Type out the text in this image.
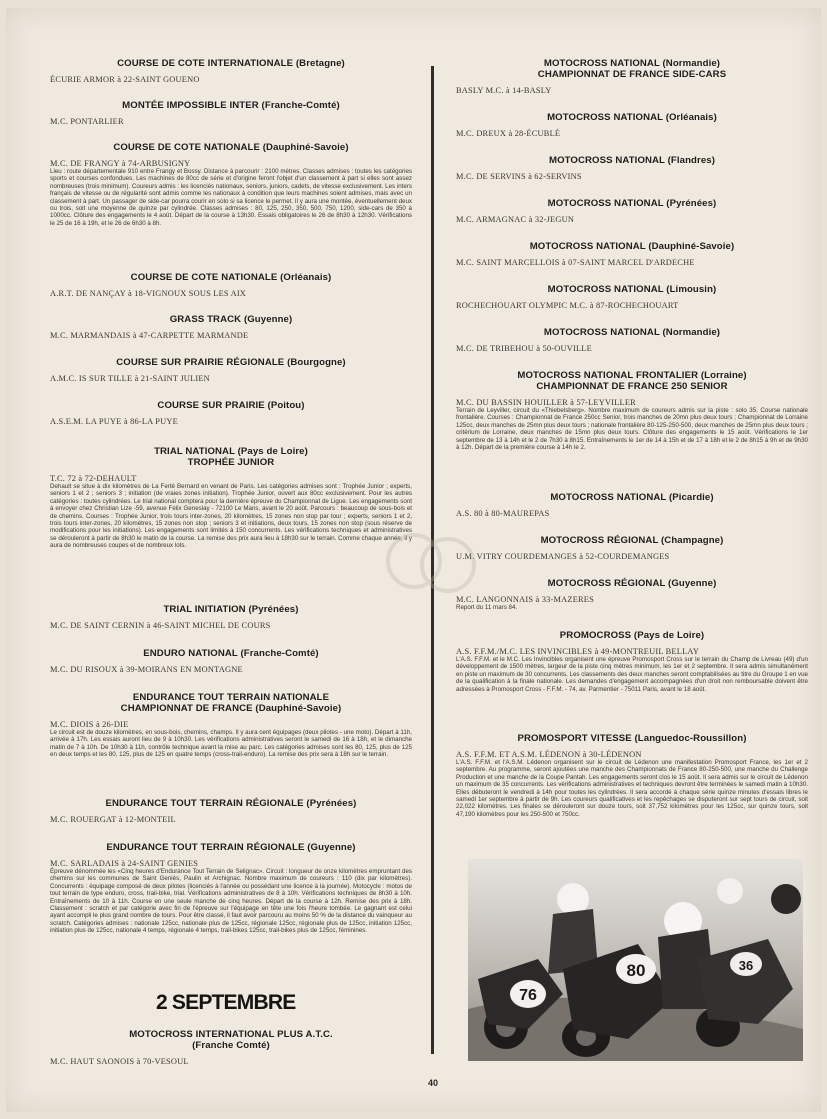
COURSE DE COTE INTERNATIONALE (Bretagne)
ÉCURIE ARMOR à 22-SAINT GOUENO
MONTÉE IMPOSSIBLE INTER (Franche-Comté)
M.C. PONTARLIER
COURSE DE COTE NATIONALE (Dauphiné-Savoie)
M.C. DE FRANGY à 74-ARBUSIGNY
Lieu : route départementale 910 entre Frangy et Bossy. Distance à parcourir : 2100 mètres. Classes admises : toutes les catégories sports et courses confondues. Les machines de 80cc de série et d'origine feront l'objet d'un classement à part si elles sont assez nombreuses (trois minimum). Coureurs admis : les licenciés nationaux, seniors, juniors, cadets, de vitesse exclusivement. Les inters français de vitesse ou de régularité sont admis comme les nationaux à condition que leurs machines soient admises, mais avec un classement à part. Un passager de side-car pourra courir en solo si sa licence le permet. Il y aura une montée, éventuellement deux ou trois, soit une moyenne de quinze par cylindrée. Classes admises : 80, 125, 250, 350, 500, 750, 1200, side-cars de 350 à 1000cc. Clôture des engagements le 4 août. Départ de la course à 13h30. Essais obligatoires le 26 de 8h30 à 12h30. Vérifications le 25 de 16 à 19h, et le 26 de 6h30 à 8h.
COURSE DE COTE NATIONALE (Orléanais)
A.R.T. DE NANÇAY à 18-VIGNOUX SOUS LES AIX
GRASS TRACK (Guyenne)
M.C. MARMANDAIS à 47-CARPETTE MARMANDE
COURSE SUR PRAIRIE RÉGIONALE (Bourgogne)
A.M.C. IS SUR TILLE à 21-SAINT JULIEN
COURSE SUR PRAIRIE (Poitou)
A.S.E.M. LA PUYE à 86-LA PUYE
TRIAL NATIONAL (Pays de Loire)
TROPHÉE JUNIOR
T.C. 72 à 72-DEHAULT
Dehault se situe à dix kilomètres de La Ferté Bernard en venant de Paris. Les catégories admises sont : Trophée Junior ; experts, seniors 1 et 2 ; seniors 3 ; initiation (de vraies zones initiation). Trophée Junior, ouvert aux 80cc exclusivement. Pour les autres catégories : toutes cylindrées. Le trial national comptera pour la dernière épreuve du Championnat de Ligue. Les engagements sont à envoyer chez Christian Lize -59, avenue Félix Geneslay - 72100 Le Mans, avant le 20 août. Parcours : beaucoup de sous-bois et de chemins. Courses : Trophée Junior, trois tours inter-zones, 20 kilomètres, 15 zones non stop par tour ; experts, seniors 1 et 2, trois tours inter-zones, 20 kilomètres, 15 zones non stop ; seniors 3 et initiations, deux tours, 15 zones non stop (sous réserve de modifications pour les initiations). Les engagements sont limités à 150 concurrents. Les vérifications techniques et administratives se dérouleront à partir de 8h30 le matin de la course. La remise des prix aura lieu à 18h30 sur le terrain. Comme chaque année, il y aura de nombreuses coupes et de nombreux lots.
TRIAL INITIATION (Pyrénées)
M.C. DE SAINT CERNIN à 46-SAINT MICHEL DE COURS
ENDURO NATIONAL (Franche-Comté)
M.C. DU RISOUX à 39-MOIRANS EN MONTAGNE
ENDURANCE TOUT TERRAIN NATIONALE
CHAMPIONNAT DE FRANCE (Dauphiné-Savoie)
M.C. DIOIS à 26-DIE
Le circuit est de douze kilomètres, en sous-bois, chemins, champs. Il y aura cent équipages (deux pilotes - une moto). Départ à 11h, arrivée à 17h. Les essais auront lieu de 9 à 10h30. Les vérifications administratives seront le samedi de 16 à 18h, et le dimanche matin de 7 à 10h. De 10h30 à 11h, contrôle technique avant la mise au parc. Les catégories admises sont les 80, 125, plus de 125 en deux temps et les 80, 125, plus de 125 en quatre temps (cross-trail-enduro). La remise des prix sera à 18h sur le terrain.
ENDURANCE TOUT TERRAIN RÉGIONALE (Pyrénées)
M.C. ROUERGAT à 12-MONTEIL
ENDURANCE TOUT TERRAIN RÉGIONALE (Guyenne)
M.C. SARLADAIS à 24-SAINT GENIES
Épreuve dénommée les «Cinq heures d'Endurance Tout Terrain de Selignac». Circuit : longueur de onze kilomètres empruntant des chemins sur les communes de Saint Geniès, Paulin et Archignac. Nombre maximum de coureurs : 110 (dix par kilomètres). Concurrents : équipage composé de deux pilotes (licenciés à l'année ou possédant une licence à la journée). Motocycle : motos de tout terrain de type enduro, cross, trail-bike, trial. Vérifications administratives de 8 à 10h. Vérifications techniques de 8h30 à 10h. Entraînements de 10 à 11h. Course en une seule manche de cinq heures. Départ de la course à 12h. Remise des prix à 18h. Classement : scratch et par catégorie avec fin de l'épreuve sur l'équipage en tête une fois l'heure tombée. Le gagnant est celui ayant accompli le plus grand nombre de tours. Pour être classé, il faut avoir parcouru au moins 50 % de la distance du vainqueur au scratch. Catégories admises : nationale 125cc, nationale plus de 125cc, régionale 125cc, régionale plus de 125cc, initiation 125cc, initiation plus de 125cc, nationale 4 temps, régionale 4 temps, trail-bikes 125cc, trail-bikes plus de 125cc, féminines.
MOTOCROSS INTERNATIONAL PLUS A.T.C.
(Franche Comté)
M.C. HAUT SAONOIS à 70-VESOUL
2 SEPTEMBRE
MOTOCROSS NATIONAL (Normandie)
CHAMPIONNAT DE FRANCE SIDE-CARS
BASLY M.C. à 14-BASLY
MOTOCROSS NATIONAL (Orléanais)
M.C. DREUX à 28-ÉCUBLÉ
MOTOCROSS NATIONAL (Flandres)
M.C. DE SERVINS à 62-SERVINS
MOTOCROSS NATIONAL (Pyrénées)
M.C. ARMAGNAC à 32-JEGUN
MOTOCROSS NATIONAL (Dauphiné-Savoie)
M.C. SAINT MARCELLOIS à 07-SAINT MARCEL D'ARDECHE
MOTOCROSS NATIONAL (Limousin)
ROCHECHOUART OLYMPIC M.C. à 87-ROCHECHOUART
MOTOCROSS NATIONAL (Normandie)
M.C. DE TRIBEHOU à 50-OUVILLE
MOTOCROSS NATIONAL FRONTALIER (Lorraine)
CHAMPIONNAT DE FRANCE 250 SENIOR
M.C. DU BASSIN HOUILLER à 57-LEYVILLER
Terrain de Leyviller, circuit du «Thiebelsberg». Nombre maximum de coureurs admis sur la piste : solo 35. Course nationale frontalière. Courses : Championnat de France 250cc Senior, trois manches de 20mn plus deux tours ; Championnat de Lorraine 125cc, deux manches de 25mn plus deux tours ; nationale frontalière 80-125-250-500, deux manches de 25mn plus deux tours ; critérium de Lorraine, deux manches de 15mn plus deux tours. Clôture des engagements le 15 août. Vérifications le 1er septembre de 13 à 14h et le 2 de 7h30 à 8h15. Entraînements le 1er de 14 à 15h et de 17 à 18h et le 2 de 8h15 à 9h et de 9h30 à 12h. Départ de la première course à 14h le 2.
MOTOCROSS NATIONAL (Picardie)
A.S. 80 à 80-MAUREPAS
MOTOCROSS RÉGIONAL (Champagne)
U.M. VITRY COURDEMANGES à 52-COURDEMANGES
MOTOCROSS RÉGIONAL (Guyenne)
M.C. LANGONNAIS à 33-MAZERES
Report du 11 mars 84.
PROMOCROSS (Pays de Loire)
A.S. F.F.M./M.C. LES INVINCIBLES à 49-MONTREUIL BELLAY
L'A.S. F.F.M. et le M.C. Les Invincibles organisent une épreuve Promosport Cross sur le terrain du Champ de Livreau (49) d'un développement de 1500 mètres, largeur de la piste cinq mètres minimum, les 1er et 2 septembre. Il sera admis simultanément en piste un maximum de 30 concurrents. Les classements des deux manches seront comptabilisées au titre du Groupe 1 en vue de la qualification à la finale nationale. Les demandes d'engagement accompagnées d'un droit non remboursable doivent être adressées à Promosport Cross - F.F.M. - 74, av. Parmentier - 75011 Paris, avant le 18 août.
PROMOSPORT VITESSE (Languedoc-Roussillon)
A.S. F.F.M. ET A.S.M. LÉDENON à 30-LÉDENON
L'A.S. F.F.M. et l'A.S.M. Lédenon organisent sur le circuit de Lédenon une manifestation Promosport France, les 1er et 2 septembre. Au programme, seront ajoutées une manche des Championnats de France 80-250-500, une manche du Challenge Production et une manche de la Coupe Pantah. Les engagements seront clos le 15 août. Il sera admis sur le circuit de Lédenon un maximum de 35 concurrents. Les vérifications administratives et techniques devront être terminées le samedi matin à 10h30. Elles débuteront le vendredi à 14h pour toutes les cylindrées. Il sera accordé à chaque série quinze minutes d'essais libres le samedi 1er septembre à partir de 9h. Les coureurs qualificatives et les repêchages se disputeront sur sept tours de circuit, soit 22,022 kilomètres. Les finales se dérouleront sur douze tours, soit 37,752 kilomètres pour les 125cc, sur quinze tours, soit 47,190 kilomètres pour les 250-500 et 750cc.
76
80	36
40
